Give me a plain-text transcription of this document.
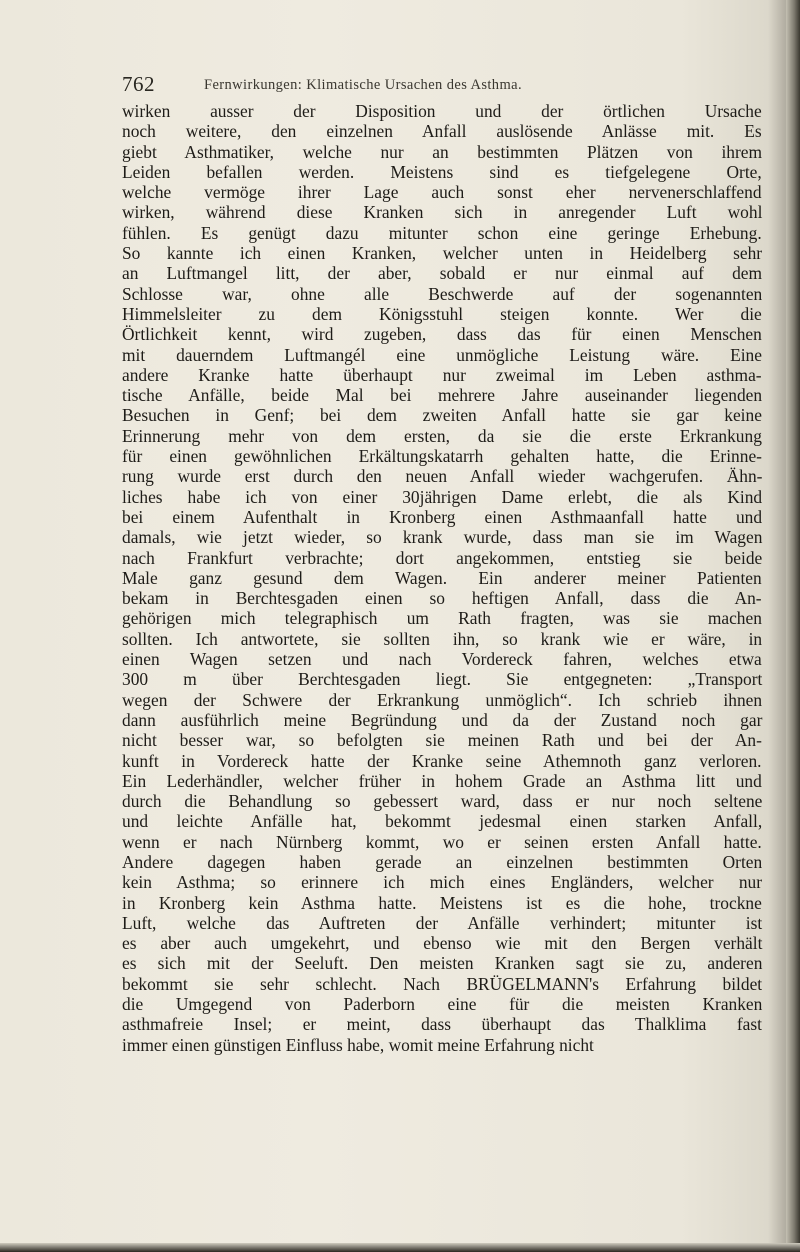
762	Fernwirkungen: Klimatische Ursachen des Asthma.
wirken ausser der Disposition und der örtlichen Ursache
noch weitere, den einzelnen Anfall auslösende Anlässe mit. Es
giebt Asthmatiker, welche nur an bestimmten Plätzen von ihrem
Leiden befallen werden. Meistens sind es tiefgelegene Orte,
welche vermöge ihrer Lage auch sonst eher nervenerschlaffend
wirken, während diese Kranken sich in anregender Luft wohl
fühlen. Es genügt dazu mitunter schon eine geringe Erhebung.
So kannte ich einen Kranken, welcher unten in Heidelberg sehr
an Luftmangel litt, der aber, sobald er nur einmal auf dem
Schlosse war, ohne alle Beschwerde auf der sogenannten
Himmelsleiter zu dem Königsstuhl steigen konnte. Wer die
Örtlichkeit kennt, wird zugeben, dass das für einen Menschen
mit dauerndem Luftmangél eine unmögliche Leistung wäre. Eine
andere Kranke hatte überhaupt nur zweimal im Leben asthma-
tische Anfälle, beide Mal bei mehrere Jahre auseinander liegenden
Besuchen in Genf; bei dem zweiten Anfall hatte sie gar keine
Erinnerung mehr von dem ersten, da sie die erste Erkrankung
für einen gewöhnlichen Erkältungskatarrh gehalten hatte, die Erinne-
rung wurde erst durch den neuen Anfall wieder wachgerufen. Ähn-
liches habe ich von einer 30jährigen Dame erlebt, die als Kind
bei einem Aufenthalt in Kronberg einen Asthmaanfall hatte und
damals, wie jetzt wieder, so krank wurde, dass man sie im Wagen
nach Frankfurt verbrachte; dort angekommen, entstieg sie beide
Male ganz gesund dem Wagen. Ein anderer meiner Patienten
bekam in Berchtesgaden einen so heftigen Anfall, dass die An-
gehörigen mich telegraphisch um Rath fragten, was sie machen
sollten. Ich antwortete, sie sollten ihn, so krank wie er wäre, in
einen Wagen setzen und nach Vordereck fahren, welches etwa
300 m über Berchtesgaden liegt. Sie entgegneten: „Transport
wegen der Schwere der Erkrankung unmöglich“. Ich schrieb ihnen
dann ausführlich meine Begründung und da der Zustand noch gar
nicht besser war, so befolgten sie meinen Rath und bei der An-
kunft in Vordereck hatte der Kranke seine Athemnoth ganz verloren.
Ein Lederhändler, welcher früher in hohem Grade an Asthma litt und
durch die Behandlung so gebessert ward, dass er nur noch seltene
und leichte Anfälle hat, bekommt jedesmal einen starken Anfall,
wenn er nach Nürnberg kommt, wo er seinen ersten Anfall hatte.
Andere dagegen haben gerade an einzelnen bestimmten Orten
kein Asthma; so erinnere ich mich eines Engländers, welcher nur
in Kronberg kein Asthma hatte. Meistens ist es die hohe, trockne
Luft, welche das Auftreten der Anfälle verhindert; mitunter ist
es aber auch umgekehrt, und ebenso wie mit den Bergen verhält
es sich mit der Seeluft. Den meisten Kranken sagt sie zu, anderen
bekommt sie sehr schlecht. Nach BRÜGELMANN's Erfahrung bildet
die Umgegend von Paderborn eine für die meisten Kranken
asthmafreie Insel; er meint, dass überhaupt das Thalklima fast
immer einen günstigen Einfluss habe, womit meine Erfahrung nicht
